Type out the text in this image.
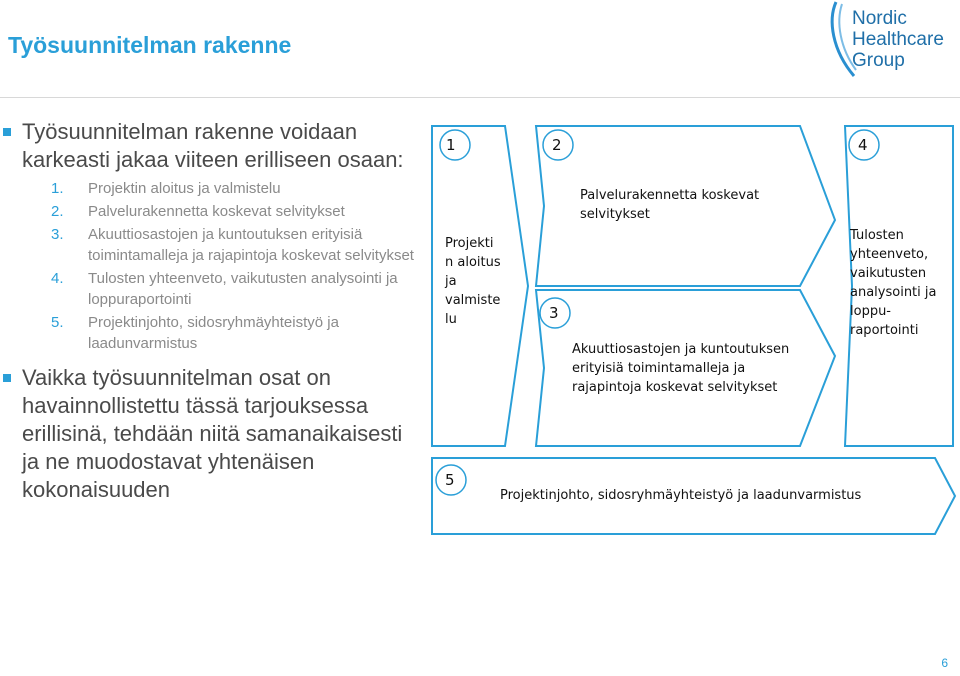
Työsuunnitelman rakenne
Nordic
Healthcare
Group
Työsuunnitelman rakenne voidaan karkeasti jakaa viiteen erilliseen osaan:
1. Projektin aloitus ja valmistelu
2. Palvelurakennetta koskevat selvitykset
3. Akuuttiosastojen ja kuntoutuksen erityisiä toimintamalleja ja rajapintoja koskevat selvitykset
4. Tulosten yhteenveto, vaikutusten analysointi ja loppuraportointi
5. Projektinjohto, sidosryhmäyhteistyö ja laadunvarmistus
Vaikka työsuunnitelman osat on havainnollistettu tässä tarjouksessa erillisinä, tehdään niitä samanaikaisesti ja ne muodostavat yhtenäisen kokonaisuuden
1	2
3
4
5
Projekti
n aloitus
ja
valmiste
lu
Palvelurakennetta koskevat
selvitykset
Akuuttiosastojen ja kuntoutuksen
erityisiä toimintamalleja ja
rajapintoja koskevat selvitykset
Tulosten
yhteenveto,
vaikutusten
analysointi ja
loppu-
raportointi
Projektinjohto, sidosryhmäyhteistyö ja laadunvarmistus
6
